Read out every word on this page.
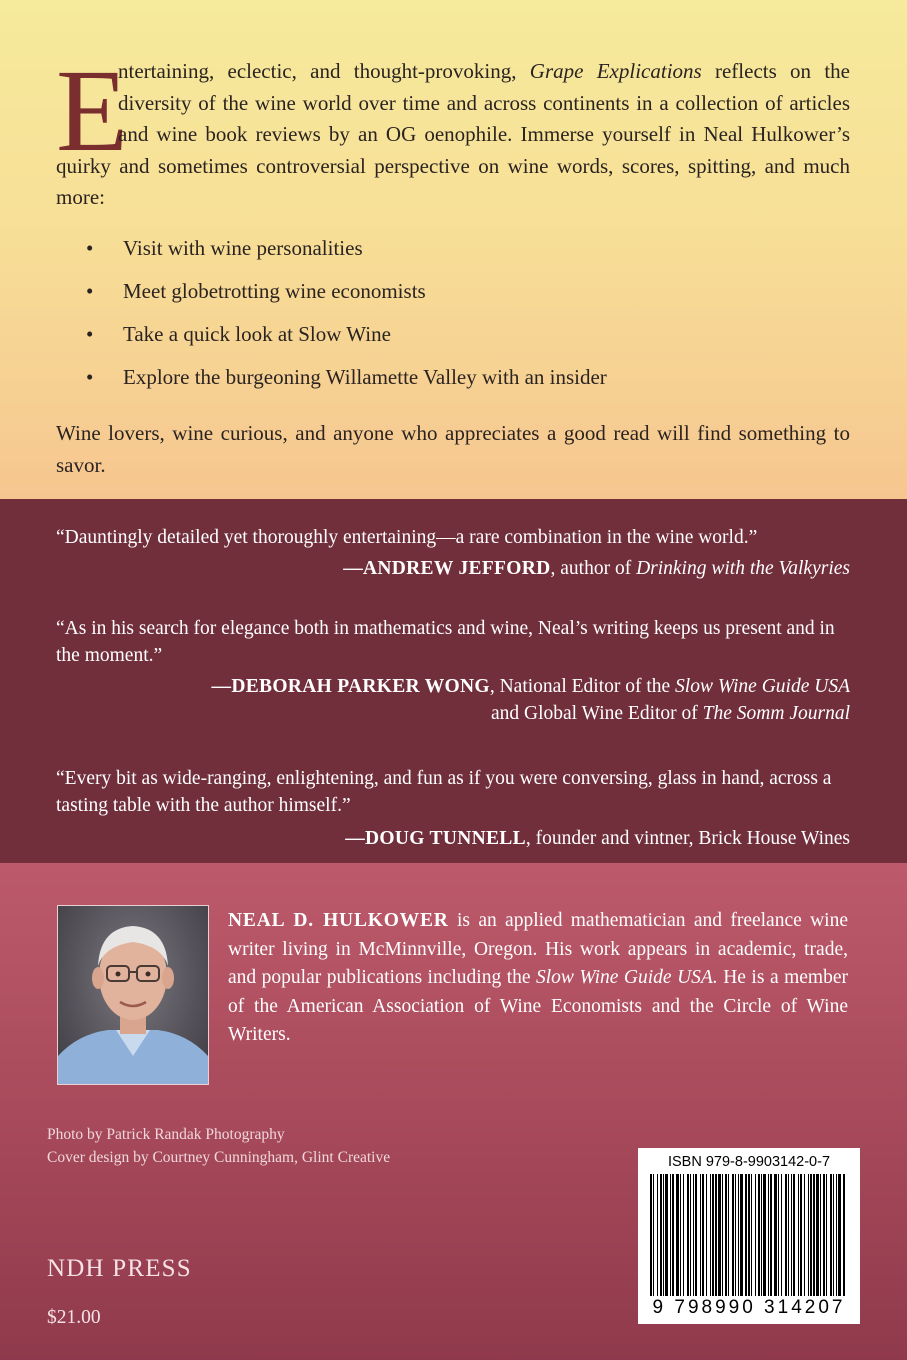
E

ntertaining, eclectic, and thought-provoking, Grape Explications reflects on the diversity of the wine world over time and across continents in a collection of articles and wine book reviews by an OG oenophile. Immerse yourself in Neal Hulkower’s quirky and sometimes controversial perspective on wine words, scores, spitting, and much more:

• Visit with wine personalities
• Meet globetrotting wine economists
• Take a quick look at Slow Wine
• Explore the burgeoning Willamette Valley with an insider

Wine lovers, wine curious, and anyone who appreciates a good read will find something to savor.

“Dauntingly detailed yet thoroughly entertaining—a rare combination in the wine world.”

—ANDREW JEFFORD, author of Drinking with the Valkyries

“As in his search for elegance both in mathematics and wine, Neal’s writing keeps us present and in the moment.”

—DEBORAH PARKER WONG, National Editor of the Slow Wine Guide USA
and Global Wine Editor of The Somm Journal

“Every bit as wide-ranging, enlightening, and fun as if you were conversing, glass in hand, across a tasting table with the author himself.”

—DOUG TUNNELL, founder and vintner, Brick House Wines

NEAL D. HULKOWER is an applied mathematician and freelance wine writer living in McMinnville, Oregon. His work appears in academic, trade, and popular publications including the Slow Wine Guide USA. He is a member of the American Association of Wine Economists and the Circle of Wine Writers.

Photo by Patrick Randak Photography

Cover design by Courtney Cunningham, Glint Creative

NDH PRESS

$21.00

ISBN 979-8-9903142-0-7
9 798990 314207
